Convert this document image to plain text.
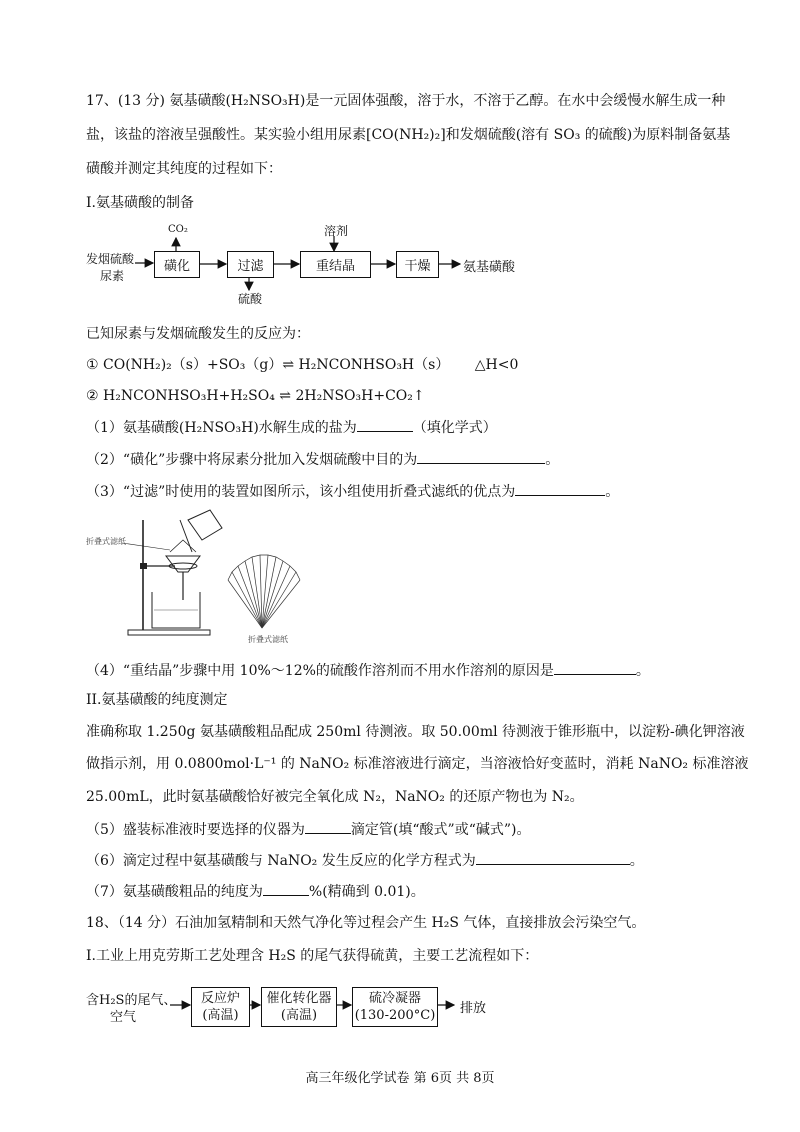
17、(13 分) 氨基磺酸(H₂NSO₃H)是一元固体强酸，溶于水，不溶于乙醇。在水中会缓慢水解生成一种
盐，该盐的溶液呈强酸性。某实验小组用尿素[CO(NH₂)₂]和发烟硫酸(溶有 SO₃ 的硫酸)为原料制备氨基
磺酸并测定其纯度的过程如下：
I.氨基磺酸的制备
发烟硫酸
尿素
CO₂
磺化	过滤
硫酸
溶剂
重结晶	干燥	氨基磺酸
已知尿素与发烟硫酸发生的反应为：
① CO(NH₂)₂（s）+SO₃（g）⇌ H₂NCONHSO₃H（s）　　 △H<0
② H₂NCONHSO₃H+H₂SO₄ ⇌ 2H₂NSO₃H+CO₂↑
（1）氨基磺酸(H₂NSO₃H)水解生成的盐为	（填化学式）
（2）“磺化”步骤中将尿素分批加入发烟硫酸中目的为	。
（3）“过滤”时使用的装置如图所示，该小组使用折叠式滤纸的优点为	。
折叠式滤纸
折叠式滤纸
（4）“重结晶”步骤中用 10%～12%的硫酸作溶剂而不用水作溶剂的原因是	。
II.氨基磺酸的纯度测定
准确称取 1.250g 氨基磺酸粗品配成 250ml 待测液。取 50.00ml 待测液于锥形瓶中，以淀粉-碘化钾溶液
做指示剂，用 0.0800mol·L⁻¹ 的 NaNO₂ 标准溶液进行滴定，当溶液恰好变蓝时，消耗 NaNO₂ 标准溶液
25.00mL，此时氨基磺酸恰好被完全氧化成 N₂，NaNO₂ 的还原产物也为 N₂。
（5）盛装标准液时要选择的仪器为	滴定管(填“酸式”或“碱式”)。
（6）滴定过程中氨基磺酸与 NaNO₂ 发生反应的化学方程式为	。
（7）氨基磺酸粗品的纯度为	%(精确到 0.01)。
18、（14 分）石油加氢精制和天然气净化等过程会产生 H₂S 气体，直接排放会污染空气。
I.工业上用克劳斯工艺处理含 H₂S 的尾气获得硫黄，主要工艺流程如下：
含H₂S的尾气、
空气
反应炉
(高温)
催化转化器
(高温)
硫冷凝器
(130-200°C) 排放
高三年级化学试卷 第 6页 共 8页
